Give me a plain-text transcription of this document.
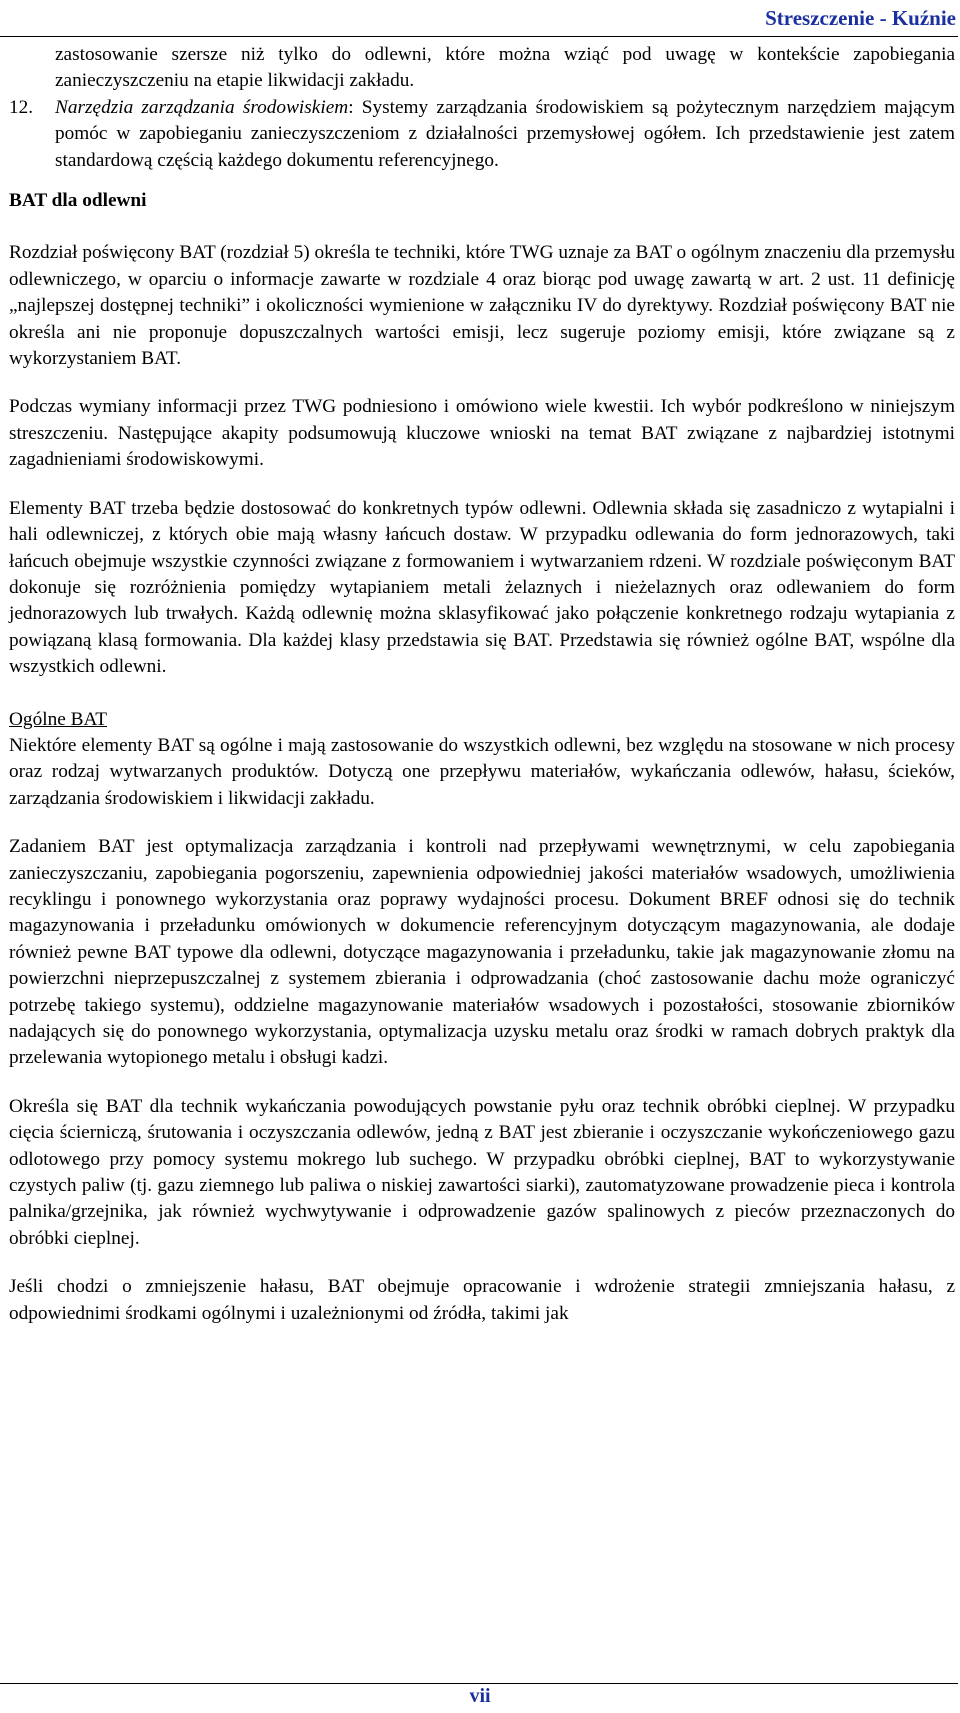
Streszczenie - Kuźnie

zastosowanie szersze niż tylko do odlewni, które można wziąć pod uwagę w kontekście zapobiegania zanieczyszczeniu na etapie likwidacji zakładu.

12. Narzędzia zarządzania środowiskiem: Systemy zarządzania środowiskiem są pożytecznym narzędziem mającym pomóc w zapobieganiu zanieczyszczeniom z działalności przemysłowej ogółem. Ich przedstawienie jest zatem standardową częścią każdego dokumentu referencyjnego.

BAT dla odlewni

Rozdział poświęcony BAT (rozdział 5) określa te techniki, które TWG uznaje za BAT o ogólnym znaczeniu dla przemysłu odlewniczego, w oparciu o informacje zawarte w rozdziale 4 oraz biorąc pod uwagę zawartą w art. 2 ust. 11 definicję „najlepszej dostępnej techniki” i okoliczności wymienione w załączniku IV do dyrektywy. Rozdział poświęcony BAT nie określa ani nie proponuje dopuszczalnych wartości emisji, lecz sugeruje poziomy emisji, które związane są z wykorzystaniem BAT.

Podczas wymiany informacji przez TWG podniesiono i omówiono wiele kwestii. Ich wybór podkreślono w niniejszym streszczeniu. Następujące akapity podsumowują kluczowe wnioski na temat BAT związane z najbardziej istotnymi zagadnieniami środowiskowymi.

Elementy BAT trzeba będzie dostosować do konkretnych typów odlewni. Odlewnia składa się zasadniczo z wytapialni i hali odlewniczej, z których obie mają własny łańcuch dostaw. W przypadku odlewania do form jednorazowych, taki łańcuch obejmuje wszystkie czynności związane z formowaniem i wytwarzaniem rdzeni. W rozdziale poświęconym BAT dokonuje się rozróżnienia pomiędzy wytapianiem metali żelaznych i nieżelaznych oraz odlewaniem do form jednorazowych lub trwałych. Każdą odlewnię można sklasyfikować jako połączenie konkretnego rodzaju wytapiania z powiązaną klasą formowania. Dla każdej klasy przedstawia się BAT. Przedstawia się również ogólne BAT, wspólne dla wszystkich odlewni.

Ogólne BAT

Niektóre elementy BAT są ogólne i mają zastosowanie do wszystkich odlewni, bez względu na stosowane w nich procesy oraz rodzaj wytwarzanych produktów. Dotyczą one przepływu materiałów, wykańczania odlewów, hałasu, ścieków, zarządzania środowiskiem i likwidacji zakładu.

Zadaniem BAT jest optymalizacja zarządzania i kontroli nad przepływami wewnętrznymi, w celu zapobiegania zanieczyszczaniu, zapobiegania pogorszeniu, zapewnienia odpowiedniej jakości materiałów wsadowych, umożliwienia recyklingu i ponownego wykorzystania oraz poprawy wydajności procesu. Dokument BREF odnosi się do technik magazynowania i przeładunku omówionych w dokumencie referencyjnym dotyczącym magazynowania, ale dodaje również pewne BAT typowe dla odlewni, dotyczące magazynowania i przeładunku, takie jak magazynowanie złomu na powierzchni nieprzepuszczalnej z systemem zbierania i odprowadzania (choć zastosowanie dachu może ograniczyć potrzebę takiego systemu), oddzielne magazynowanie materiałów wsadowych i pozostałości, stosowanie zbiorników nadających się do ponownego wykorzystania, optymalizacja uzysku metalu oraz środki w ramach dobrych praktyk dla przelewania wytopionego metalu i obsługi kadzi.

Określa się BAT dla technik wykańczania powodujących powstanie pyłu oraz technik obróbki cieplnej. W przypadku cięcia ścierniczą, śrutowania i oczyszczania odlewów, jedną z BAT jest zbieranie i oczyszczanie wykończeniowego gazu odlotowego przy pomocy systemu mokrego lub suchego. W przypadku obróbki cieplnej, BAT to wykorzystywanie czystych paliw (tj. gazu ziemnego lub paliwa o niskiej zawartości siarki), zautomatyzowane prowadzenie pieca i kontrola palnika/grzejnika, jak również wychwytywanie i odprowadzenie gazów spalinowych z pieców przeznaczonych do obróbki cieplnej.

Jeśli chodzi o zmniejszenie hałasu, BAT obejmuje opracowanie i wdrożenie strategii zmniejszania hałasu, z odpowiednimi środkami ogólnymi i uzależnionymi od źródła, takimi jak

vii
